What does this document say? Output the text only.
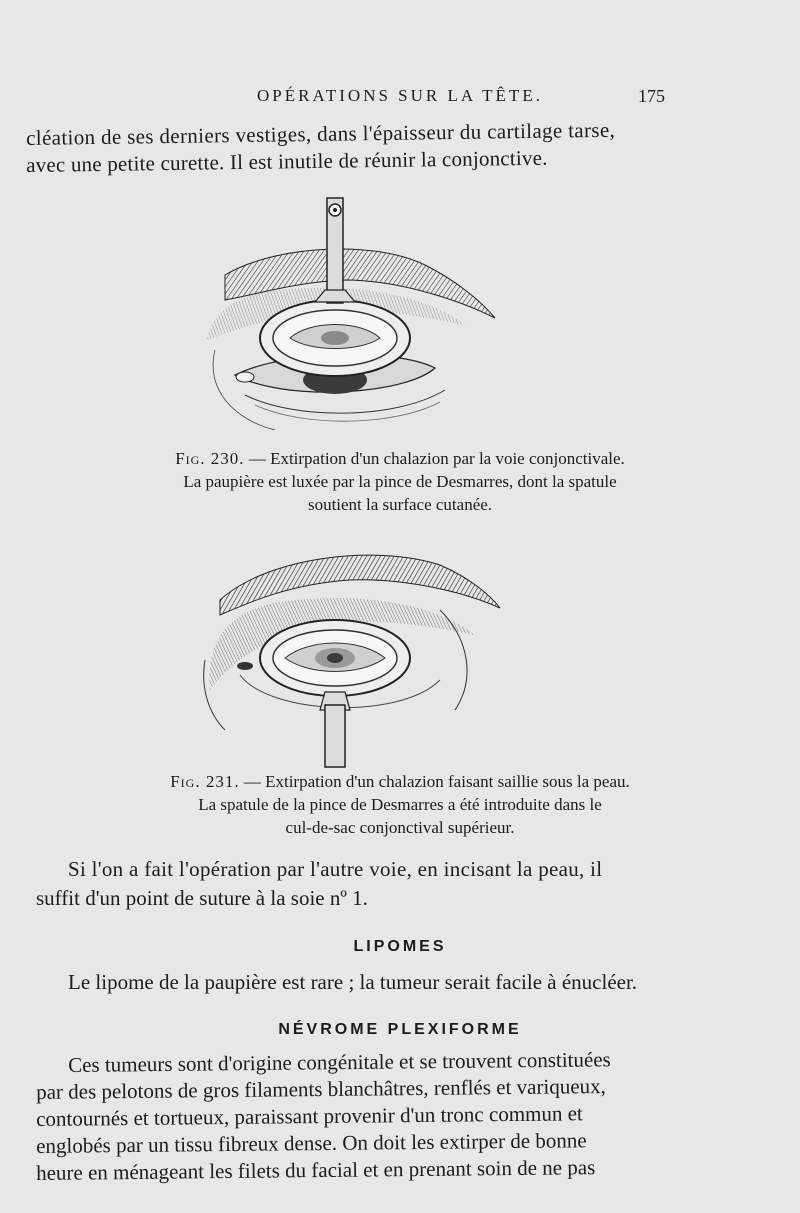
OPÉRATIONS SUR LA TÊTE.	175
cléation de ses derniers vestiges, dans l'épaisseur du cartilage tarse,
avec une petite curette. Il est inutile de réunir la conjonctive.
Fig. 230. — Extirpation d'un chalazion par la voie conjonctivale.
La paupière est luxée par la pince de Desmarres, dont la spatule
soutient la surface cutanée.
Fig. 231. — Extirpation d'un chalazion faisant saillie sous la peau.
La spatule de la pince de Desmarres a été introduite dans le
cul-de-sac conjonctival supérieur.
Si l'on a fait l'opération par l'autre voie, en incisant la peau, il
suffit d'un point de suture à la soie nº 1.
LIPOMES
Le lipome de la paupière est rare ; la tumeur serait facile à énucléer.
NÉVROME PLEXIFORME
Ces tumeurs sont d'origine congénitale et se trouvent constituées
par des pelotons de gros filaments blanchâtres, renflés et variqueux,
contournés et tortueux, paraissant provenir d'un tronc commun et
englobés par un tissu fibreux dense. On doit les extirper de bonne
heure en ménageant les filets du facial et en prenant soin de ne pas
